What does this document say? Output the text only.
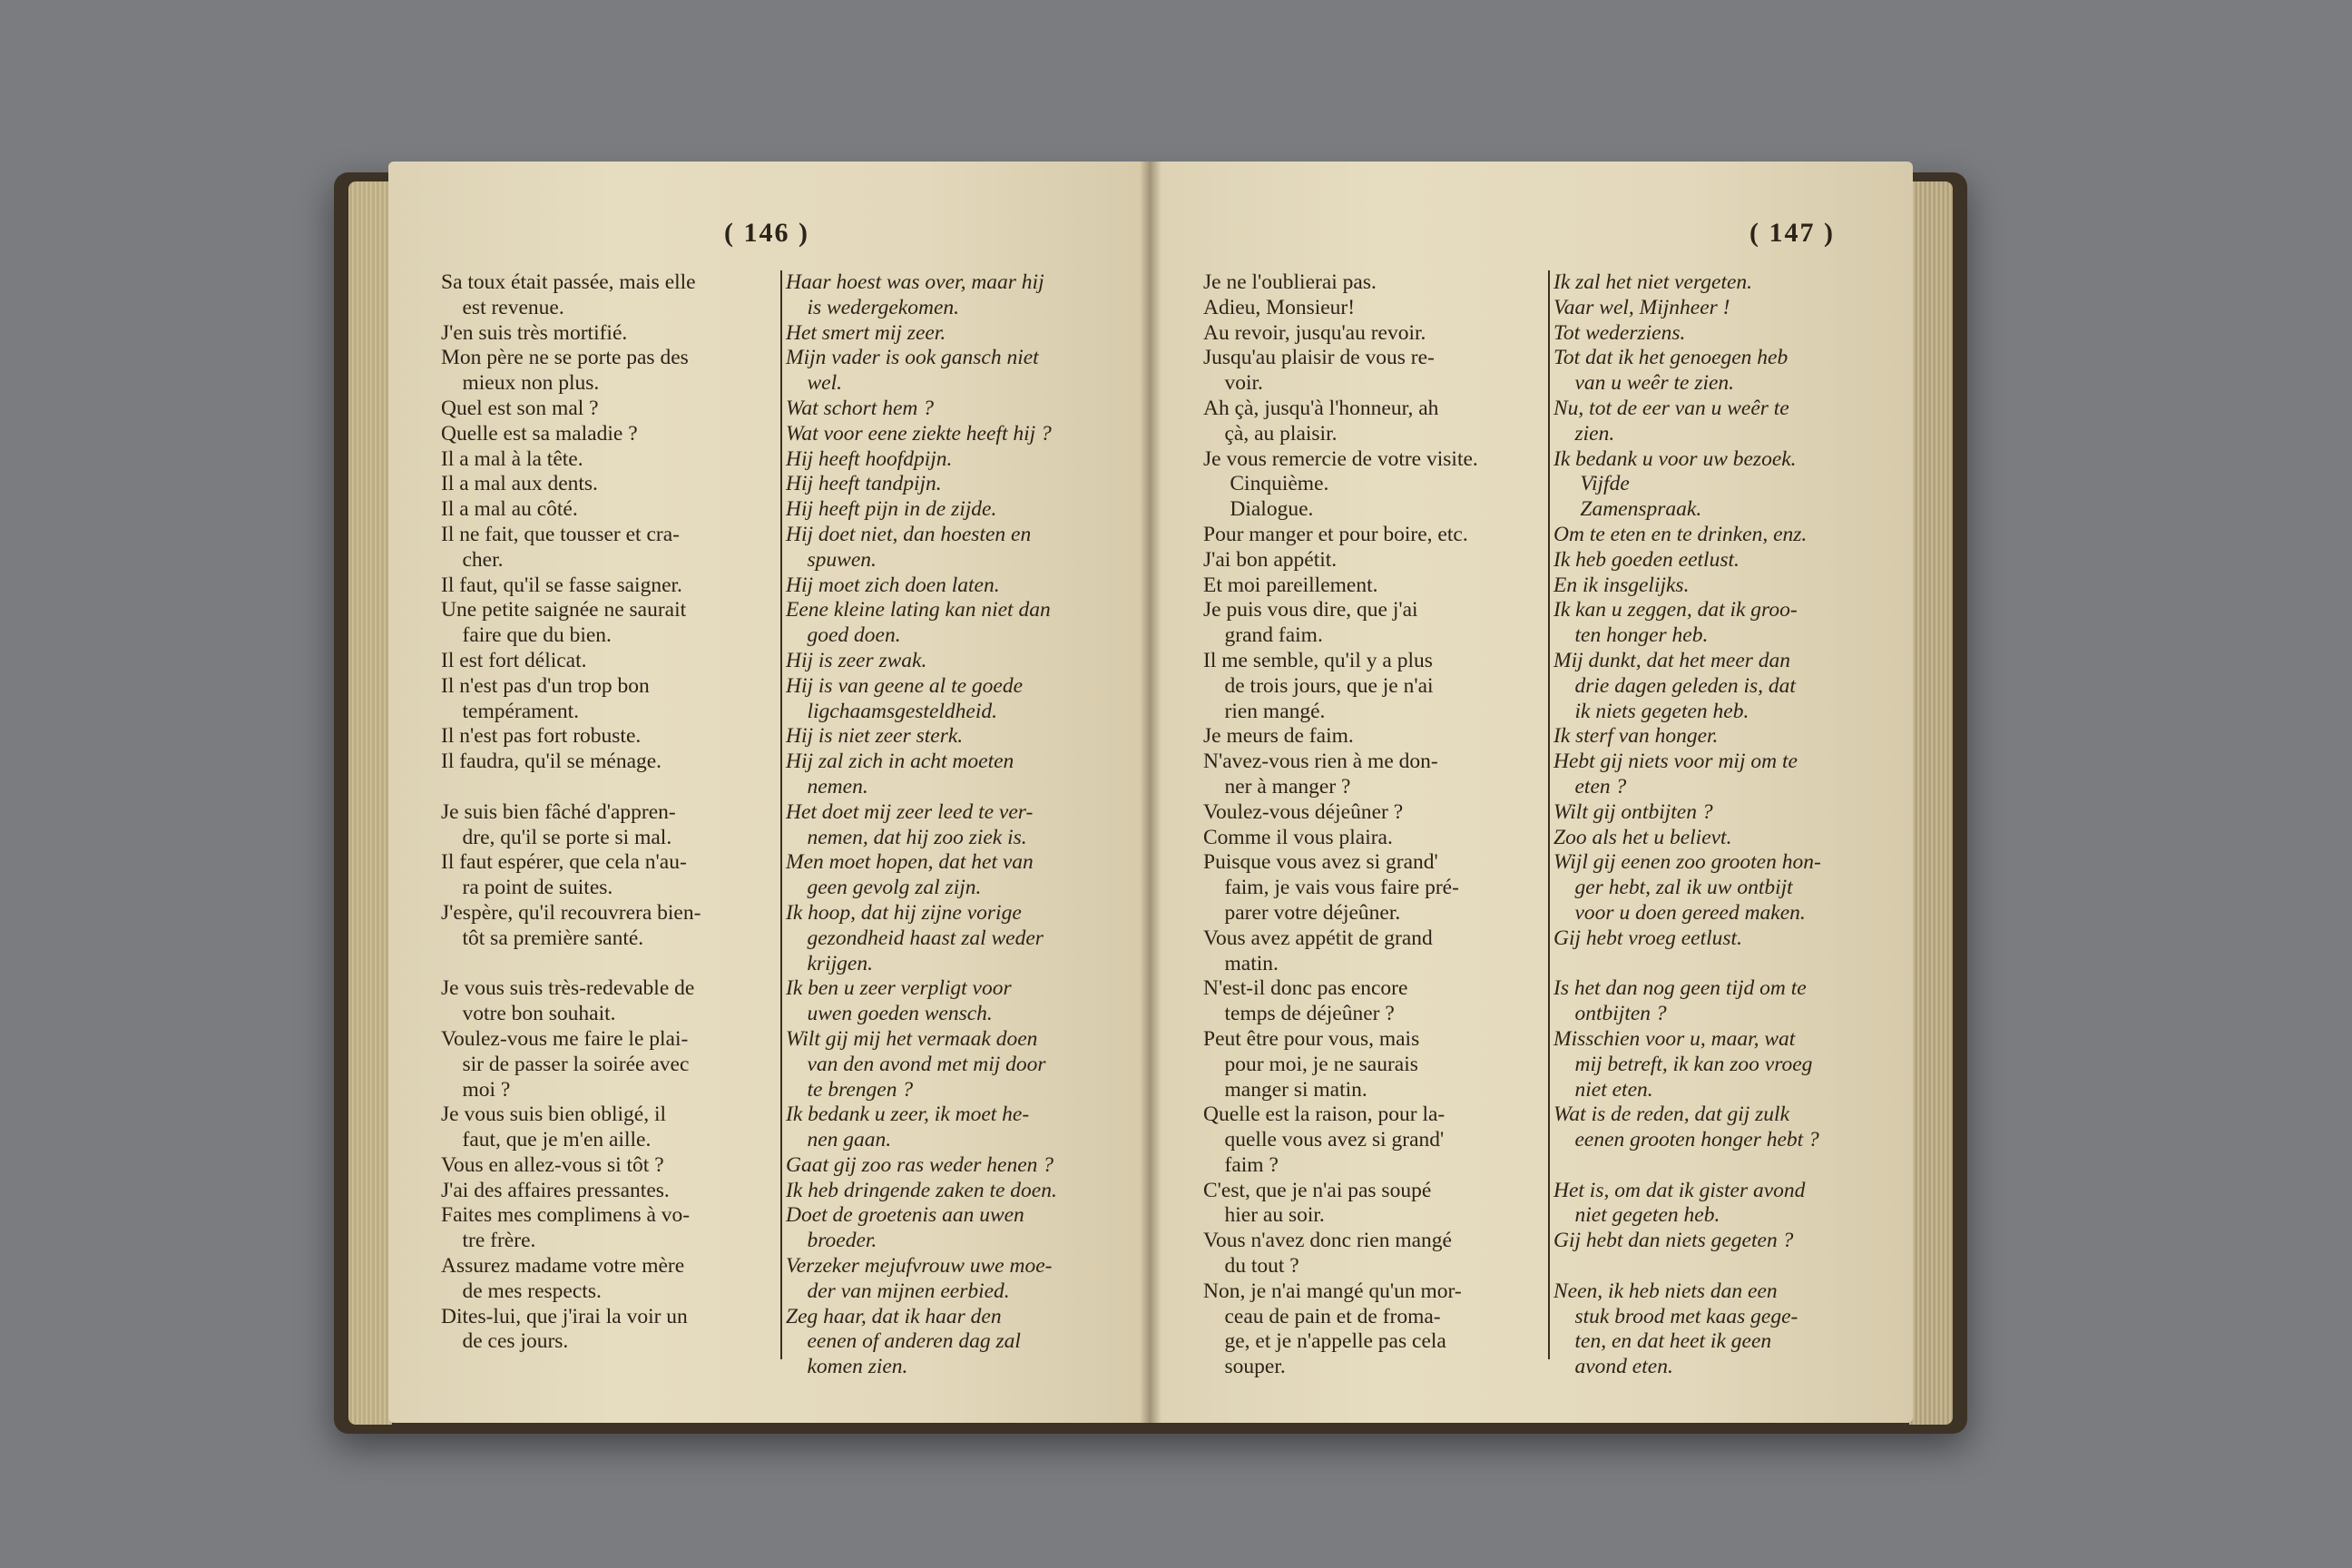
( 146 )
Sa toux était passée, mais elle
 est revenue.
J'en suis très mortifié.
Mon père ne se porte pas des
 mieux non plus.
Quel est son mal ?
Quelle est sa maladie ?
Il a mal à la tête.
Il a mal aux dents.
Il a mal au côté.
Il ne fait, que tousser et cra-
 cher.
Il faut, qu'il se fasse saigner.
Une petite saignée ne saurait
 faire que du bien.
Il est fort délicat.
Il n'est pas d'un trop bon
 tempérament.
Il n'est pas fort robuste.
Il faudra, qu'il se ménage.
Je suis bien fâché d'appren-
 dre, qu'il se porte si mal.
Il faut espérer, que cela n'au-
 ra point de suites.
J'espère, qu'il recouvrera bien-
 tôt sa première santé.
Je vous suis très-redevable de
 votre bon souhait.
Voulez-vous me faire le plai-
 sir de passer la soirée avec
 moi ?
Je vous suis bien obligé, il
 faut, que je m'en aille.
Vous en allez-vous si tôt ?
J'ai des affaires pressantes.
Faites mes complimens à vo-
 tre frère.
Assurez madame votre mère
 de mes respects.
Dites-lui, que j'irai la voir un
 de ces jours.
Haar hoest was over, maar hij
 is wedergekomen.
Het smert mij zeer.
Mijn vader is ook gansch niet
 wel.
Wat schort hem ?
Wat voor eene ziekte heeft hij ?
Hij heeft hoofdpijn.
Hij heeft tandpijn.
Hij heeft pijn in de zijde.
Hij doet niet, dan hoesten en
 spuwen.
Hij moet zich doen laten.
Eene kleine lating kan niet dan
 goed doen.
Hij is zeer zwak.
Hij is van geene al te goede
 ligchaamsgesteldheid.
Hij is niet zeer sterk.
Hij zal zich in acht moeten
 nemen.
Het doet mij zeer leed te ver-
 nemen, dat hij zoo ziek is.
Men moet hopen, dat het van
 geen gevolg zal zijn.
Ik hoop, dat hij zijne vorige
 gezondheid haast zal weder
 krijgen.
Ik ben u zeer verpligt voor
 uwen goeden wensch.
Wilt gij mij het vermaak doen
 van den avond met mij door
 te brengen ?
Ik bedank u zeer, ik moet he-
 nen gaan.
Gaat gij zoo ras weder henen ?
Ik heb dringende zaken te doen.
Doet de groetenis aan uwen
 broeder.
Verzeker mejufvrouw uwe moe-
 der van mijnen eerbied.
Zeg haar, dat ik haar den
 eenen of anderen dag zal
 komen zien.
( 147 )
Je ne l'oublierai pas.
Adieu, Monsieur!
Au revoir, jusqu'au revoir.
Jusqu'au plaisir de vous re-
 voir.
Ah çà, jusqu'à l'honneur, ah
 çà, au plaisir.
Je vous remercie de votre visite.
  Cinquième.
  Dialogue.
Pour manger et pour boire, etc.
J'ai bon appétit.
Et moi pareillement.
Je puis vous dire, que j'ai
 grand faim.
Il me semble, qu'il y a plus
 de trois jours, que je n'ai
 rien mangé.
Je meurs de faim.
N'avez-vous rien à me don-
 ner à manger ?
Voulez-vous déjeûner ?
Comme il vous plaira.
Puisque vous avez si grand'
 faim, je vais vous faire pré-
 parer votre déjeûner.
Vous avez appétit de grand
 matin.
N'est-il donc pas encore
 temps de déjeûner ?
Peut être pour vous, mais
 pour moi, je ne saurais
 manger si matin.
Quelle est la raison, pour la-
 quelle vous avez si grand'
 faim ?
C'est, que je n'ai pas soupé
 hier au soir.
Vous n'avez donc rien mangé
 du tout ?
Non, je n'ai mangé qu'un mor-
 ceau de pain et de froma-
 ge, et je n'appelle pas cela
 souper.
Ik zal het niet vergeten.
Vaar wel, Mijnheer !
Tot wederziens.
Tot dat ik het genoegen heb
 van u weêr te zien.
Nu, tot de eer van u weêr te
 zien.
Ik bedank u voor uw bezoek.
  Vijfde
  Zamenspraak.
Om te eten en te drinken, enz.
Ik heb goeden eetlust.
En ik insgelijks.
Ik kan u zeggen, dat ik groo-
 ten honger heb.
Mij dunkt, dat het meer dan
 drie dagen geleden is, dat
 ik niets gegeten heb.
Ik sterf van honger.
Hebt gij niets voor mij om te
 eten ?
Wilt gij ontbijten ?
Zoo als het u believt.
Wijl gij eenen zoo grooten hon-
 ger hebt, zal ik uw ontbijt
 voor u doen gereed maken.
Gij hebt vroeg eetlust.
Is het dan nog geen tijd om te
 ontbijten ?
Misschien voor u, maar, wat
 mij betreft, ik kan zoo vroeg
 niet eten.
Wat is de reden, dat gij zulk
 eenen grooten honger hebt ?
Het is, om dat ik gister avond
 niet gegeten heb.
Gij hebt dan niets gegeten ?
Neen, ik heb niets dan een
 stuk brood met kaas gege-
 ten, en dat heet ik geen
 avond eten.
